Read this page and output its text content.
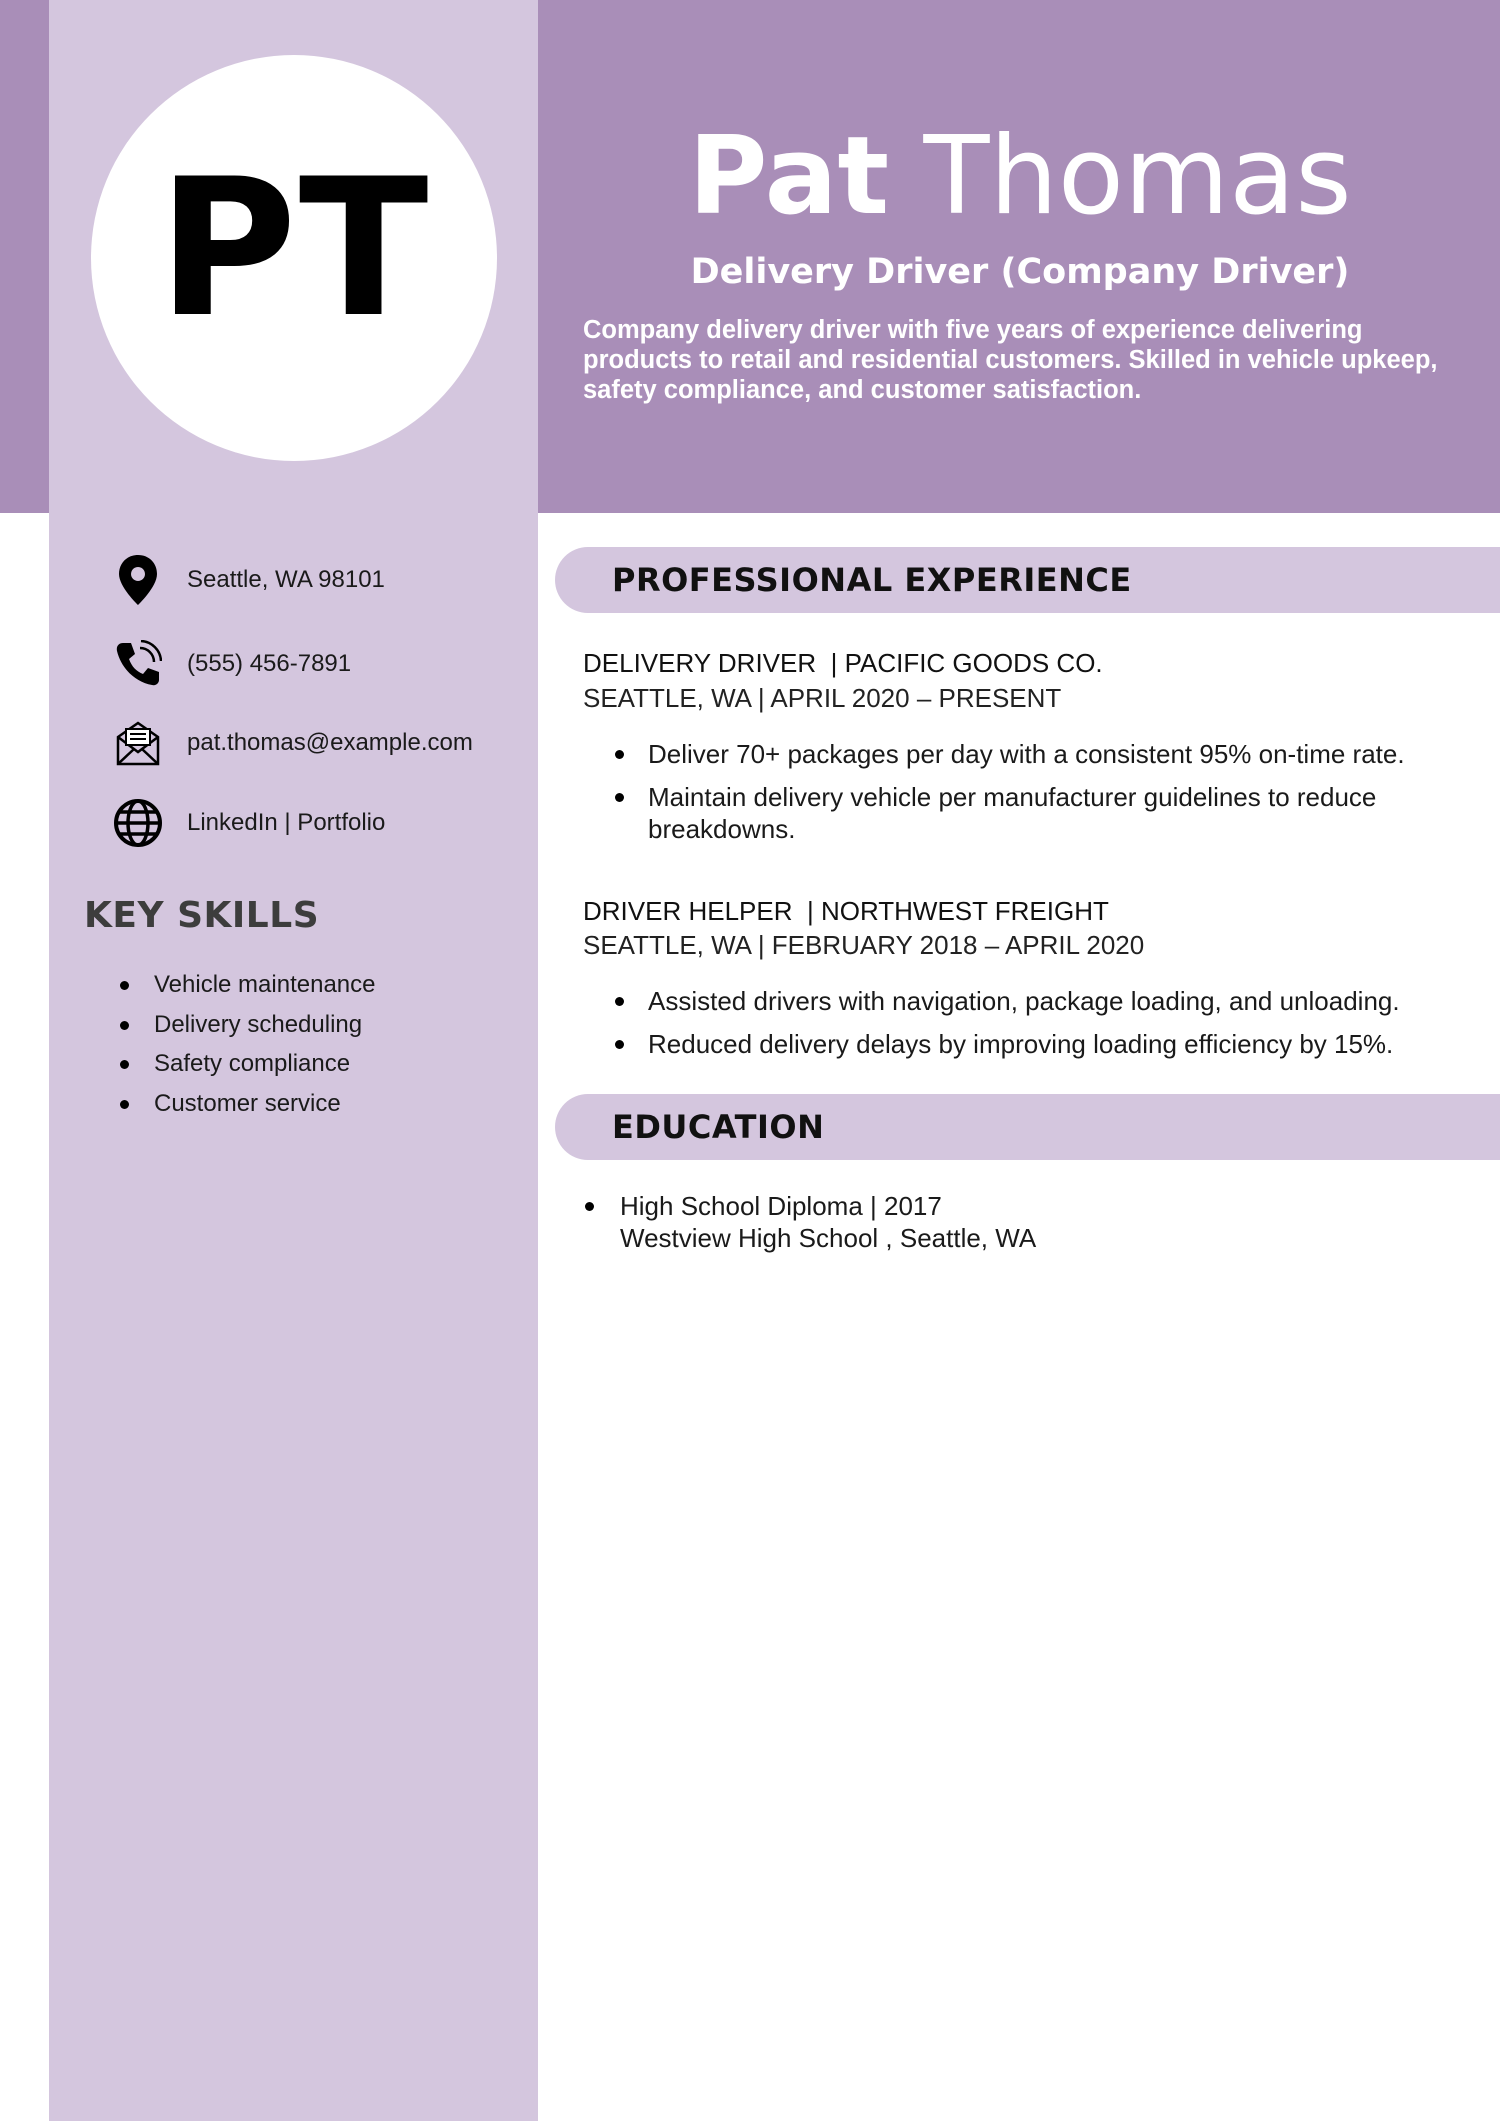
PT	Pat Thomas
Delivery Driver (Company Driver)
Company delivery driver with five years of experience delivering products to retail and residential customers. Skilled in vehicle upkeep, safety compliance, and customer satisfaction.
Seattle, WA 98101
(555) 456-7891
pat.thomas@example.com
LinkedIn | Portfolio
KEY SKILLS
Vehicle maintenance
Delivery scheduling
Safety compliance
Customer service
PROFESSIONAL EXPERIENCE
DELIVERY DRIVER  | PACIFIC GOODS CO.
SEATTLE, WA | APRIL 2020 – PRESENT
Deliver 70+ packages per day with a consistent 95% on-time rate.
Maintain delivery vehicle per manufacturer guidelines to reduce breakdowns.
DRIVER HELPER  | NORTHWEST FREIGHT
SEATTLE, WA | FEBRUARY 2018 – APRIL 2020
Assisted drivers with navigation, package loading, and unloading.
Reduced delivery delays by improving loading efficiency by 15%.
EDUCATION
High School Diploma | 2017
Westview High School , Seattle, WA
